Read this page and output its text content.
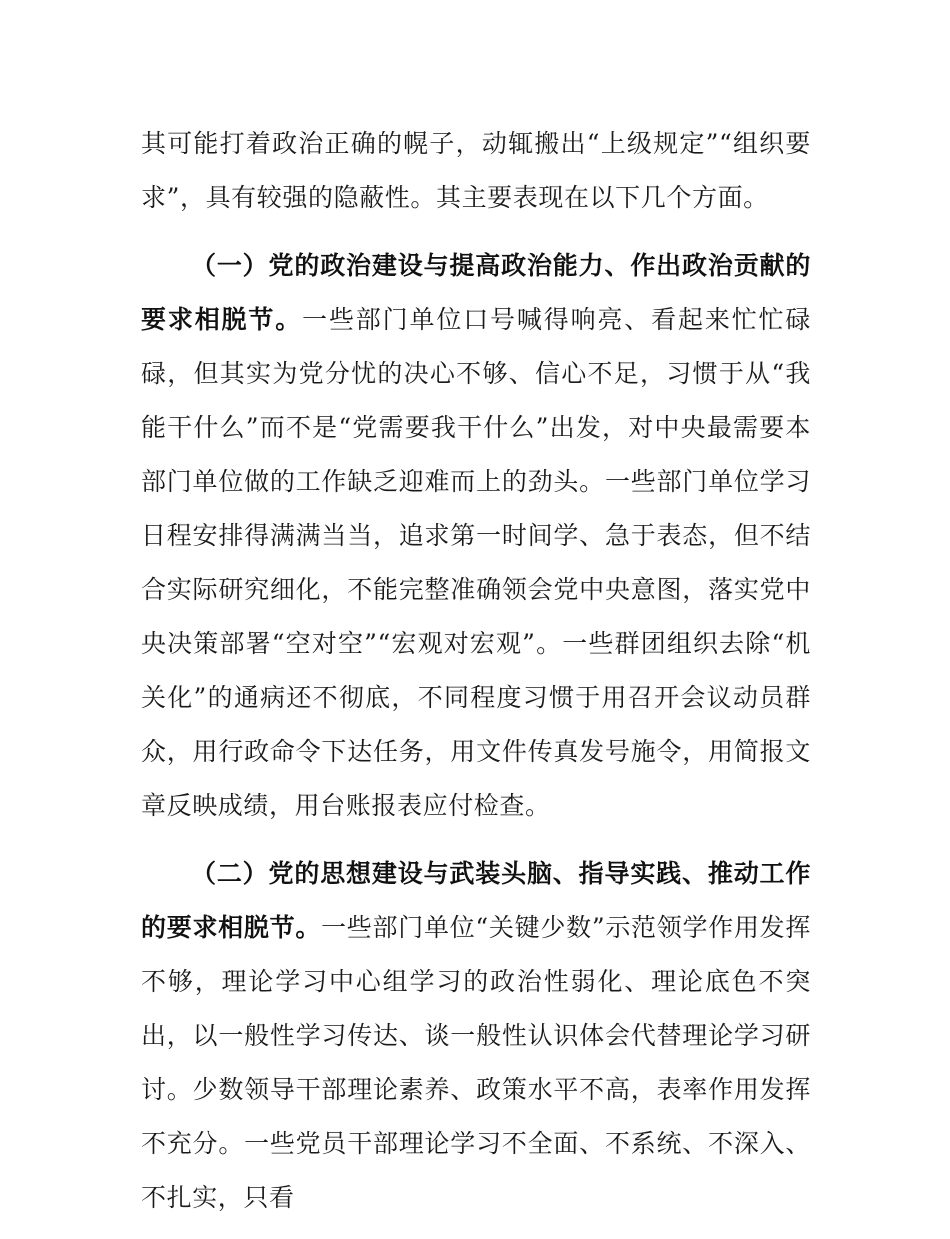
其可能打着政治正确的幌子，动辄搬出“上级规定”“组织要求”，具有较强的隐蔽性。其主要表现在以下几个方面。

（一）党的政治建设与提高政治能力、作出政治贡献的要求相脱节。一些部门单位口号喊得响亮、看起来忙忙碌碌，但其实为党分忧的决心不够、信心不足，习惯于从“我能干什么”而不是“党需要我干什么”出发，对中央最需要本部门单位做的工作缺乏迎难而上的劲头。一些部门单位学习日程安排得满满当当，追求第一时间学、急于表态，但不结合实际研究细化，不能完整准确领会党中央意图，落实党中央决策部署“空对空”“宏观对宏观”。一些群团组织去除“机关化”的通病还不彻底，不同程度习惯于用召开会议动员群众，用行政命令下达任务，用文件传真发号施令，用简报文章反映成绩，用台账报表应付检查。

（二）党的思想建设与武装头脑、指导实践、推动工作的要求相脱节。一些部门单位“关键少数”示范领学作用发挥不够，理论学习中心组学习的政治性弱化、理论底色不突出，以一般性学习传达、谈一般性认识体会代替理论学习研讨。少数领导干部理论素养、政策水平不高，表率作用发挥不充分。一些党员干部理论学习不全面、不系统、不深入、不扎实，只看
